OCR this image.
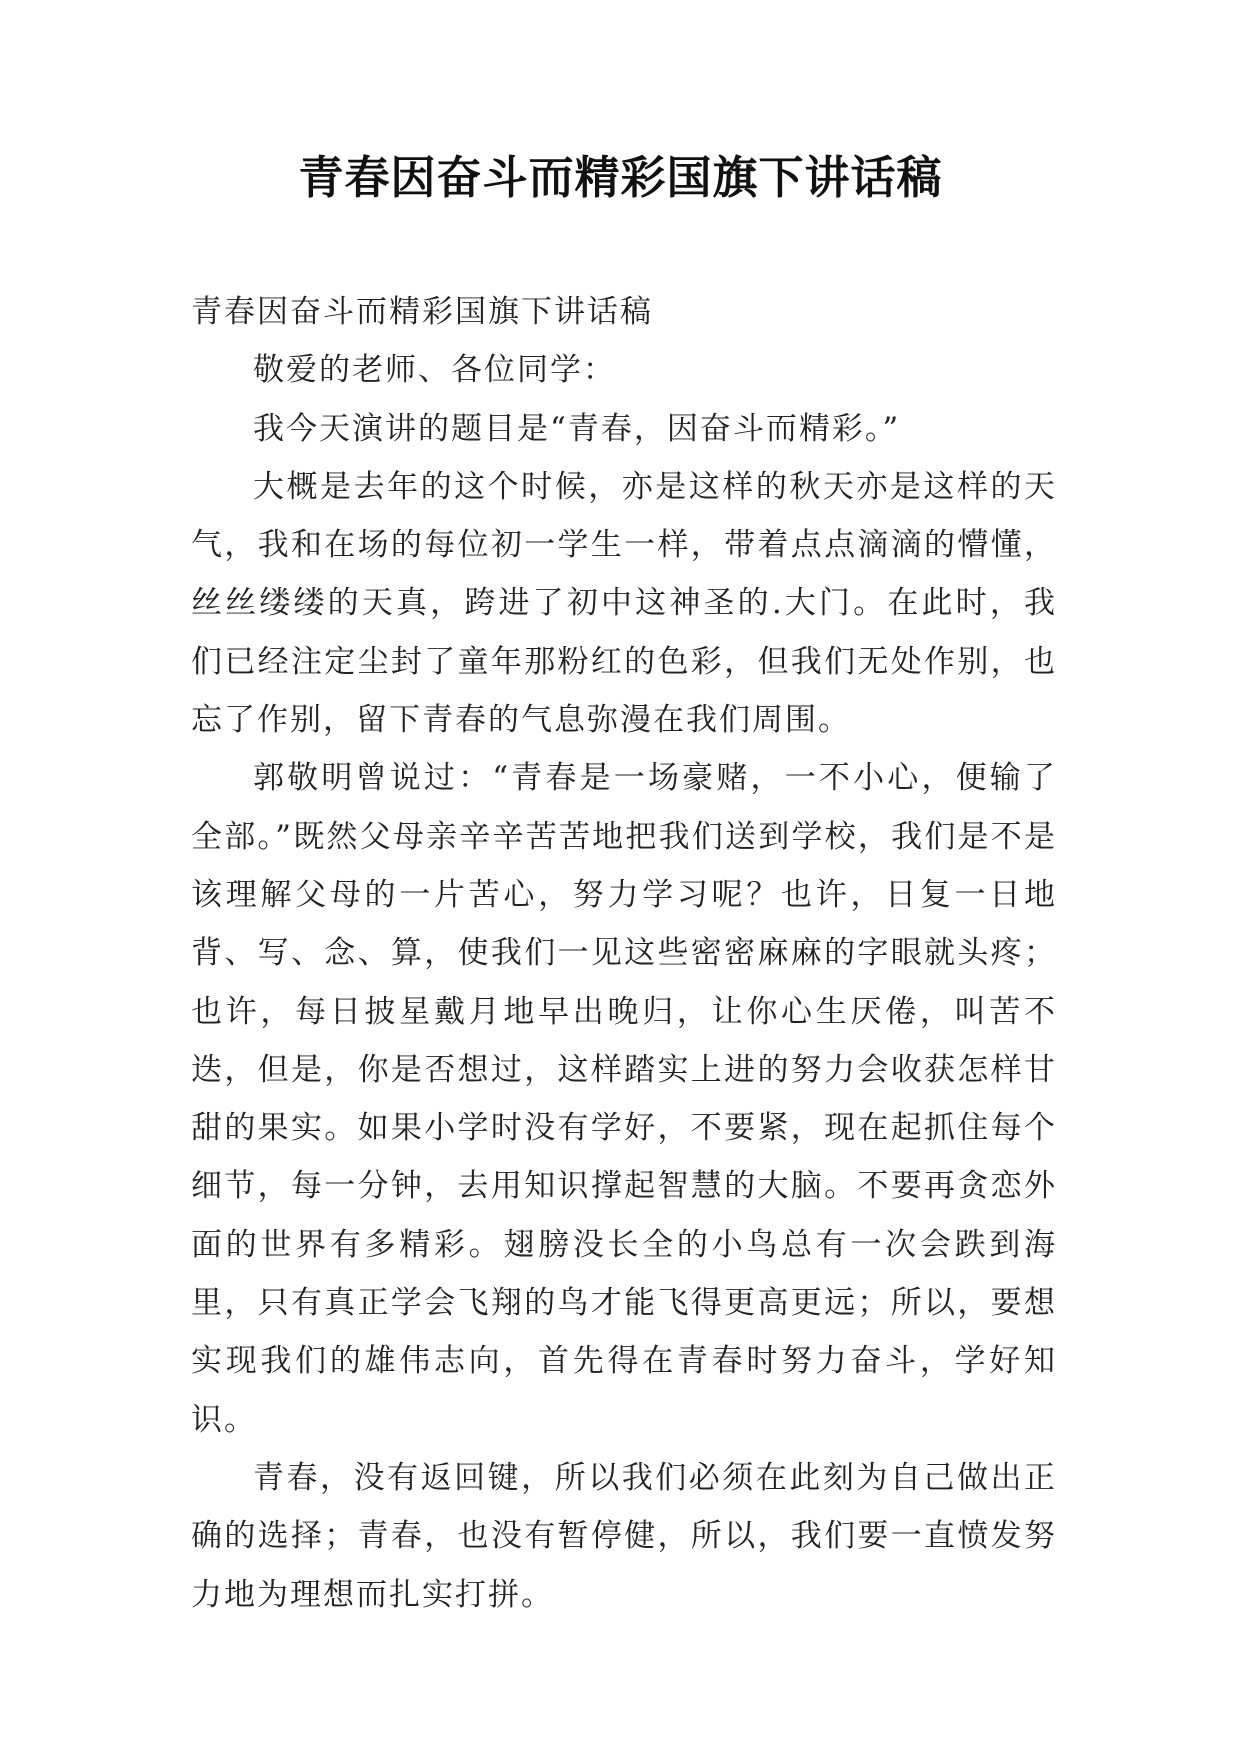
青春因奋斗而精彩国旗下讲话稿

青春因奋斗而精彩国旗下讲话稿

敬爱的老师、各位同学：

我今天演讲的题目是“青春，因奋斗而精彩。”

大概是去年的这个时候，亦是这样的秋天亦是这样的天气，我和在场的每位初一学生一样，带着点点滴滴的懵懂，丝丝缕缕的天真，跨进了初中这神圣的.大门。在此时，我们已经注定尘封了童年那粉红的色彩，但我们无处作别，也忘了作别，留下青春的气息弥漫在我们周围。

郭敬明曾说过：“青春是一场豪赌，一不小心，便输了全部。”既然父母亲辛辛苦苦地把我们送到学校，我们是不是该理解父母的一片苦心，努力学习呢？也许，日复一日地背、写、念、算，使我们一见这些密密麻麻的字眼就头疼；也许，每日披星戴月地早出晚归，让你心生厌倦，叫苦不迭，但是，你是否想过，这样踏实上进的努力会收获怎样甘甜的果实。如果小学时没有学好，不要紧，现在起抓住每个细节，每一分钟，去用知识撑起智慧的大脑。不要再贪恋外面的世界有多精彩。翅膀没长全的小鸟总有一次会跌到海里，只有真正学会飞翔的鸟才能飞得更高更远；所以，要想实现我们的雄伟志向，首先得在青春时努力奋斗，学好知识。

青春，没有返回键，所以我们必须在此刻为自己做出正确的选择；青春，也没有暂停健，所以，我们要一直愤发努力地为理想而扎实打拼。
